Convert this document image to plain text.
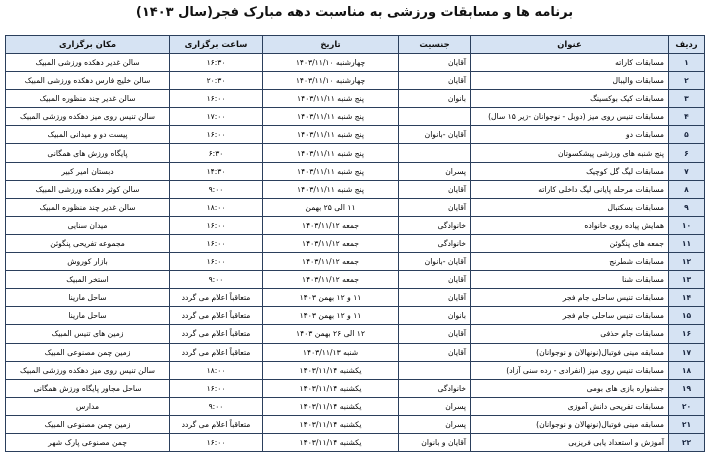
برنامه ها و مسابقات ورزشی به مناسبت دهه مبارک فجر(سال ۱۴۰۳)
ردیف	عنوان	جنسیت	تاریخ	ساعت برگزاری	مکان برگزاری
۱	مسابقات کاراته	آقایان	چهارشنبه ۱۴۰۳/۱۱/۱۰	۱۶:۳۰	سالن غدیر دهکده ورزشی المبیک
۲	مسابقات والیبال	آقایان	چهارشنبه ۱۴۰۳/۱۱/۱۰	۲۰:۳۰	سالن خلیج فارس دهکده ورزشی المبیک
۳	مسابقات کیک بوکسینگ	بانوان	پنج شنبه ۱۴۰۳/۱۱/۱۱	۱۶:۰۰	سالن غدیر چند منظوره المبیک
۴	مسابقات تنیس روی میز (دوبل - نوجوانان -زیر ۱۵ سال)		پنج شنبه ۱۴۰۳/۱۱/۱۱	۱۷:۰۰	سالن تنیس روی میز دهکده ورزشی المبیک
۵	مسابقات دو	آقایان -بانوان	پنج شنبه ۱۴۰۳/۱۱/۱۱	۱۶:۰۰	پیست دو و میدانی المبیک
۶	پنج شنبه های ورزشی پیشکسوتان		پنج شنبه ۱۴۰۳/۱۱/۱۱	۶:۳۰	پایگاه ورزش های همگانی
۷	مسابقات لیگ گل کوچیک	پسران	پنج شنبه ۱۴۰۳/۱۱/۱۱	۱۴:۳۰	دبستان امیر کبیر
۸	مسابقات مرحله پایانی لیگ داخلی کاراته	آقایان	پنج شنبه ۱۴۰۳/۱۱/۱۱	۹:۰۰	سالن کوثر دهکده ورزشی المبیک
۹	مسابقات بسکتبال	آقایان	۱۱ الی ۲۵ بهمن	۱۸:۰۰	سالن غدیر چند منظوره المبیک
۱۰	همایش پیاده روی خانواده	خانوادگی	جمعه ۱۴۰۳/۱۱/۱۲	۱۶:۰۰	میدان سنایی
۱۱	جمعه های پنگوئن	خانوادگی	جمعه ۱۴۰۳/۱۱/۱۲	۱۶:۰۰	مجموعه تفریحی پنگوئن
۱۲	مسابقات شطرنج	آقایان -بانوان	جمعه ۱۴۰۳/۱۱/۱۲	۱۶:۰۰	بازار کوروش
۱۳	مسابقات شنا	آقایان	جمعه ۱۴۰۳/۱۱/۱۲	۹:۰۰	استخر المبیک
۱۴	مسابقات تنیس ساحلی جام فجر	آقایان	۱۱ و ۱۲ بهمن ۱۴۰۳	متعاقباً اعلام می گردد	ساحل مارینا
۱۵	مسابقات تنیس ساحلی جام فجر	بانوان	۱۱ و ۱۲ بهمن ۱۴۰۳	متعاقباً اعلام می گردد	ساحل مارینا
۱۶	مسابقات جام حذفی	آقایان	۱۲ الی ۲۶ بهمن ۱۴۰۳	متعاقباً اعلام می گردد	زمین های تنیس المبیک
۱۷	مسابقه مینی فوتبال(نونهالان و نوجوانان)	آقایان	شنبه ۱۴۰۳/۱۱/۱۳	متعاقباً اعلام می گردد	زمین چمن مصنوعی المبیک
۱۸	مسابقات تنیس روی میز (انفرادی - رده سنی آزاد)		یکشنبه ۱۴۰۳/۱۱/۱۴	۱۸:۰۰	سالن تنیس روی میز دهکده ورزشی المبیک
۱۹	جشنواره بازی های بومی	خانوادگی	یکشنبه ۱۴۰۳/۱۱/۱۴	۱۶:۰۰	ساحل مجاور پایگاه ورزش همگانی
۲۰	مسابقات تفریحی دانش آموزی	پسران	یکشنبه ۱۴۰۳/۱۱/۱۴	۹:۰۰	مدارس
۲۱	مسابقه مینی فوتبال(نونهالان و نوجوانان)	پسران	یکشنبه ۱۴۰۳/۱۱/۱۴	متعاقباً اعلام می گردد	زمین چمن مصنوعی المبیک
۲۲	آموزش و استعداد یابی فریزبی	آقایان و بانوان	یکشنبه ۱۴۰۳/۱۱/۱۴	۱۶:۰۰	چمن مصنوعی پارک شهر
